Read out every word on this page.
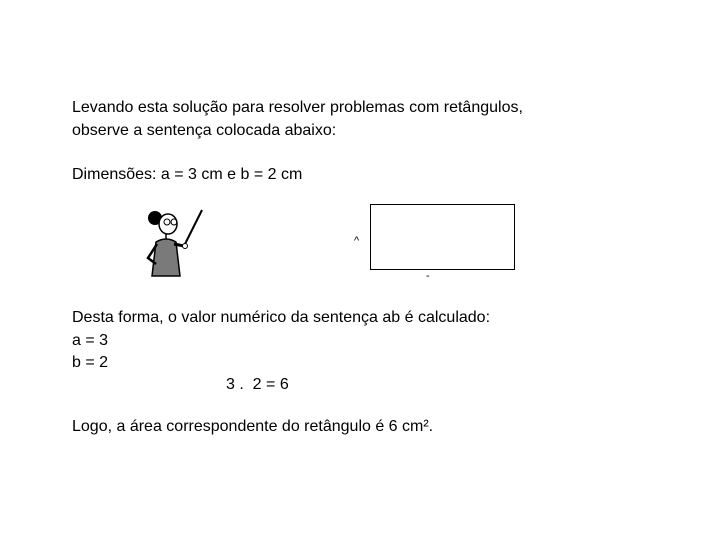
Levando esta solução para resolver problemas com retângulos,
observe a sentença colocada abaixo:
Dimensões: a = 3 cm e b = 2 cm
^
-
Desta forma, o valor numérico da sentença ab é calculado:
a = 3
b = 2
3 .  2 = 6
Logo, a área correspondente do retângulo é 6 cm².
